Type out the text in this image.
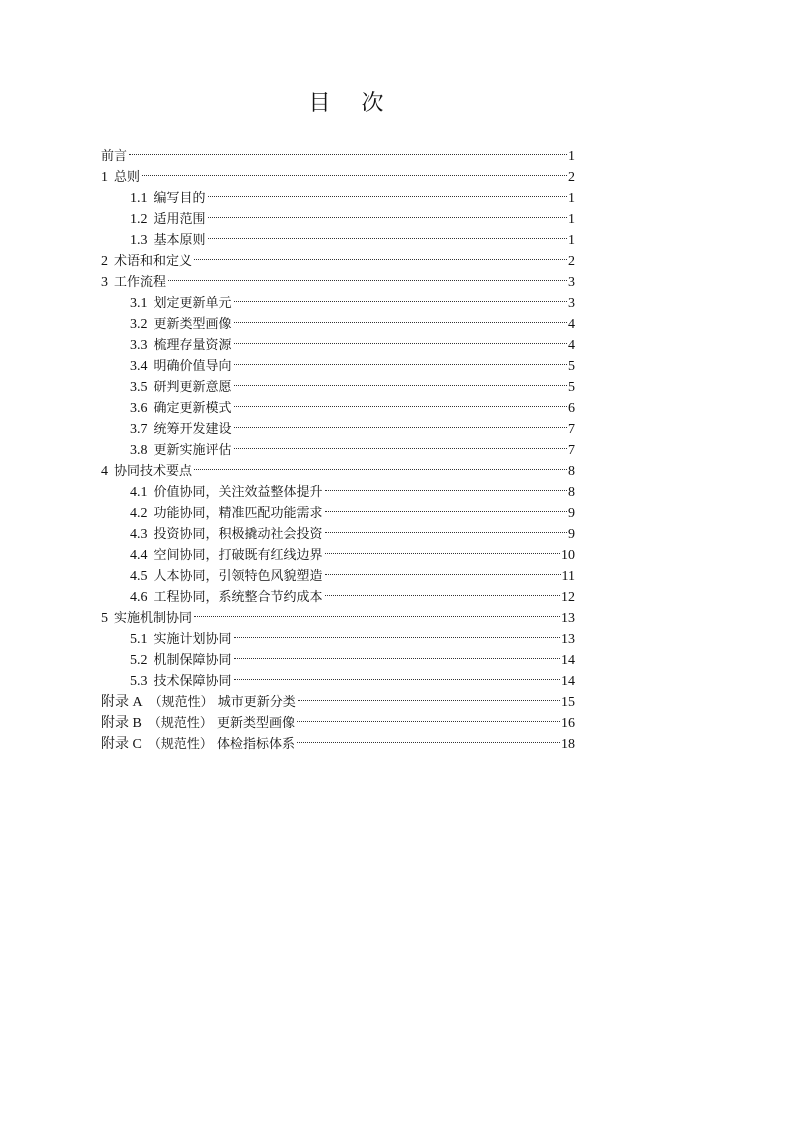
目 次
前言	1
1 总则	2
1.1 编写目的	1
1.2 适用范围	1
1.3 基本原则	1
2 术语和和定义	2
3 工作流程	3
3.1 划定更新单元	3
3.2 更新类型画像	4
3.3 梳理存量资源	4
3.4 明确价值导向	5
3.5 研判更新意愿	5
3.6 确定更新模式	6
3.7 统筹开发建设	7
3.8 更新实施评估	7
4 协同技术要点	8
4.1 价值协同，关注效益整体提升	8
4.2 功能协同，精准匹配功能需求	9
4.3 投资协同，积极撬动社会投资	9
4.4 空间协同，打破既有红线边界	10
4.5 人本协同，引领特色风貌塑造	11
4.6 工程协同，系统整合节约成本	12
5 实施机制协同	13
5.1 实施计划协同	13
5.2 机制保障协同	14
5.3 技术保障协同	14
附录 A （规范性） 城市更新分类	15
附录 B （规范性） 更新类型画像	16
附录 C （规范性） 体检指标体系	18
